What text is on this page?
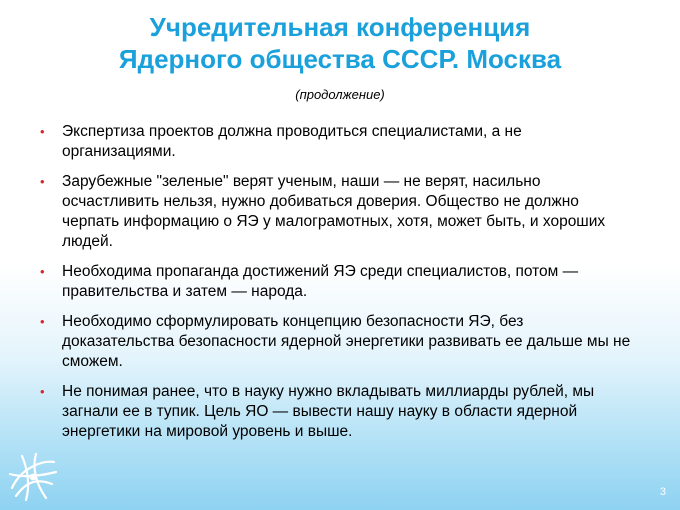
Учредительная конференция
Ядерного общества СССР. Москва
(продолжение)
• Экспертиза проектов должна проводиться специалистами, а не организациями.
• Зарубежные "зеленые" верят ученым, наши — не верят, насильно осчастливить нельзя, нужно добиваться доверия. Общество не должно черпать информацию о ЯЭ у малограмотных, хотя, может быть, и хороших людей.
• Необходима пропаганда достижений ЯЭ среди специалистов, потом — правительства и затем — народа.
• Необходимо сформулировать концепцию безопасности ЯЭ, без доказательства безопасности ядерной энергетики развивать ее дальше мы не сможем.
• Не понимая ранее, что в науку нужно вкладывать миллиарды рублей, мы загнали ее в тупик. Цель ЯО — вывести нашу науку в области ядерной энергетики на мировой уровень и выше.
3
